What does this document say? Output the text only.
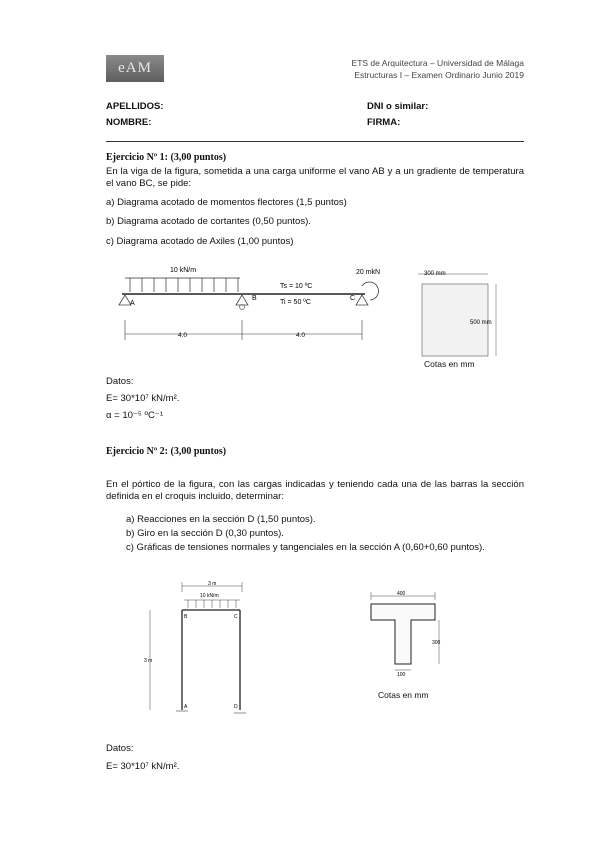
eAM	ETS de Arquitectura – Universidad de Málaga
Estructuras I – Examen Ordinario Junio 2019
APELLIDOS:
NOMBRE:
DNI o similar:
FIRMA:
Ejercicio Nº 1: (3,00 puntos)
En la viga de la figura, sometida a una carga uniforme el vano AB y a un gradiente de temperatura el vano BC, se pide:
a) Diagrama acotado de momentos flectores (1,5 puntos)
b) Diagrama acotado de cortantes (0,50 puntos).
c) Diagrama acotado de Axiles (1,00 puntos)
10 kN/m
A
B	C
20 mkN
Ts = 10 ºC
Ti = 50 ºC

4.0	4.0
300 mm
500 mm
Cotas en mm
Datos:
E= 30*10⁷ kN/m².
α = 10⁻⁵ ºC⁻¹
Ejercicio Nº 2: (3,00 puntos)
En el pórtico de la figura, con las cargas indicadas y teniendo cada una de las barras la sección definida en el croquis incluido, determinar:
a) Reacciones en la sección D (1,50 puntos).
b) Giro en la sección D (0,30 puntos).
c) Gráficas de tensiones normales y tangenciales en la sección A (0,60+0,60 puntos).
3 m
10 kN/m
3 m
B	C
A	D
400
300
100
Cotas en mm
Datos:
E= 30*10⁷ kN/m².
